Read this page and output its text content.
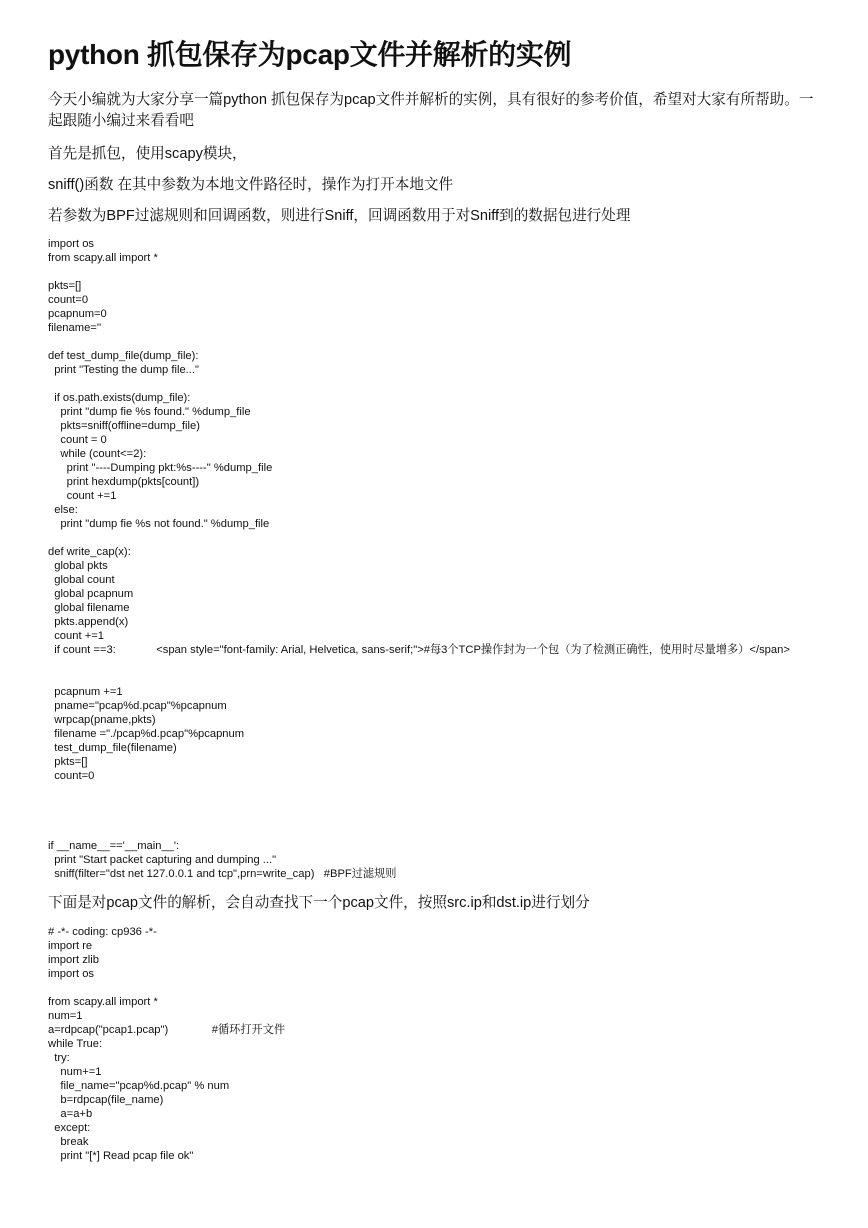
python 抓包保存为pcap文件并解析的实例

今天小编就为大家分享一篇python 抓包保存为pcap文件并解析的实例，具有很好的参考价值，希望对大家有所帮助。一起跟随小编过来看看吧

首先是抓包，使用scapy模块，

sniff()函数 在其中参数为本地文件路径时，操作为打开本地文件

若参数为BPF过滤规则和回调函数，则进行Sniff，回调函数用于对Sniff到的数据包进行处理

import os
from scapy.all import *

pkts=[]
count=0
pcapnum=0
filename=''

def test_dump_file(dump_file):
print "Testing the dump file..."

if os.path.exists(dump_file):
print "dump fie %s found." %dump_file
pkts=sniff(offline=dump_file)
count = 0
while (count<=2):
print "----Dumping pkt:%s----" %dump_file
print hexdump(pkts[count])
count +=1
else:
print "dump fie %s not found." %dump_file

def write_cap(x):
global pkts
global count
global pcapnum
global filename
pkts.append(x)
count +=1
if count ==3:             <span style="font-family: Arial, Helvetica, sans-serif;">#每3个TCP操作封为一个包（为了检测正确性，使用时尽量增多）</span>

pcapnum +=1
pname="pcap%d.pcap"%pcapnum
wrpcap(pname,pkts)
filename ="./pcap%d.pcap"%pcapnum
test_dump_file(filename)
pkts=[]
count=0

if __name__=='__main__':
print "Start packet capturing and dumping ..."
sniff(filter="dst net 127.0.0.1 and tcp",prn=write_cap)   #BPF过滤规则

下面是对pcap文件的解析，会自动查找下一个pcap文件，按照src.ip和dst.ip进行划分

# -*- coding: cp936 -*-
import re
import zlib
import os

from scapy.all import *
num=1
a=rdpcap("pcap1.pcap")              #循环打开文件
while True:
try:
num+=1
file_name="pcap%d.pcap" % num
b=rdpcap(file_name)
a=a+b
except:
break
print "[*] Read pcap file ok"
